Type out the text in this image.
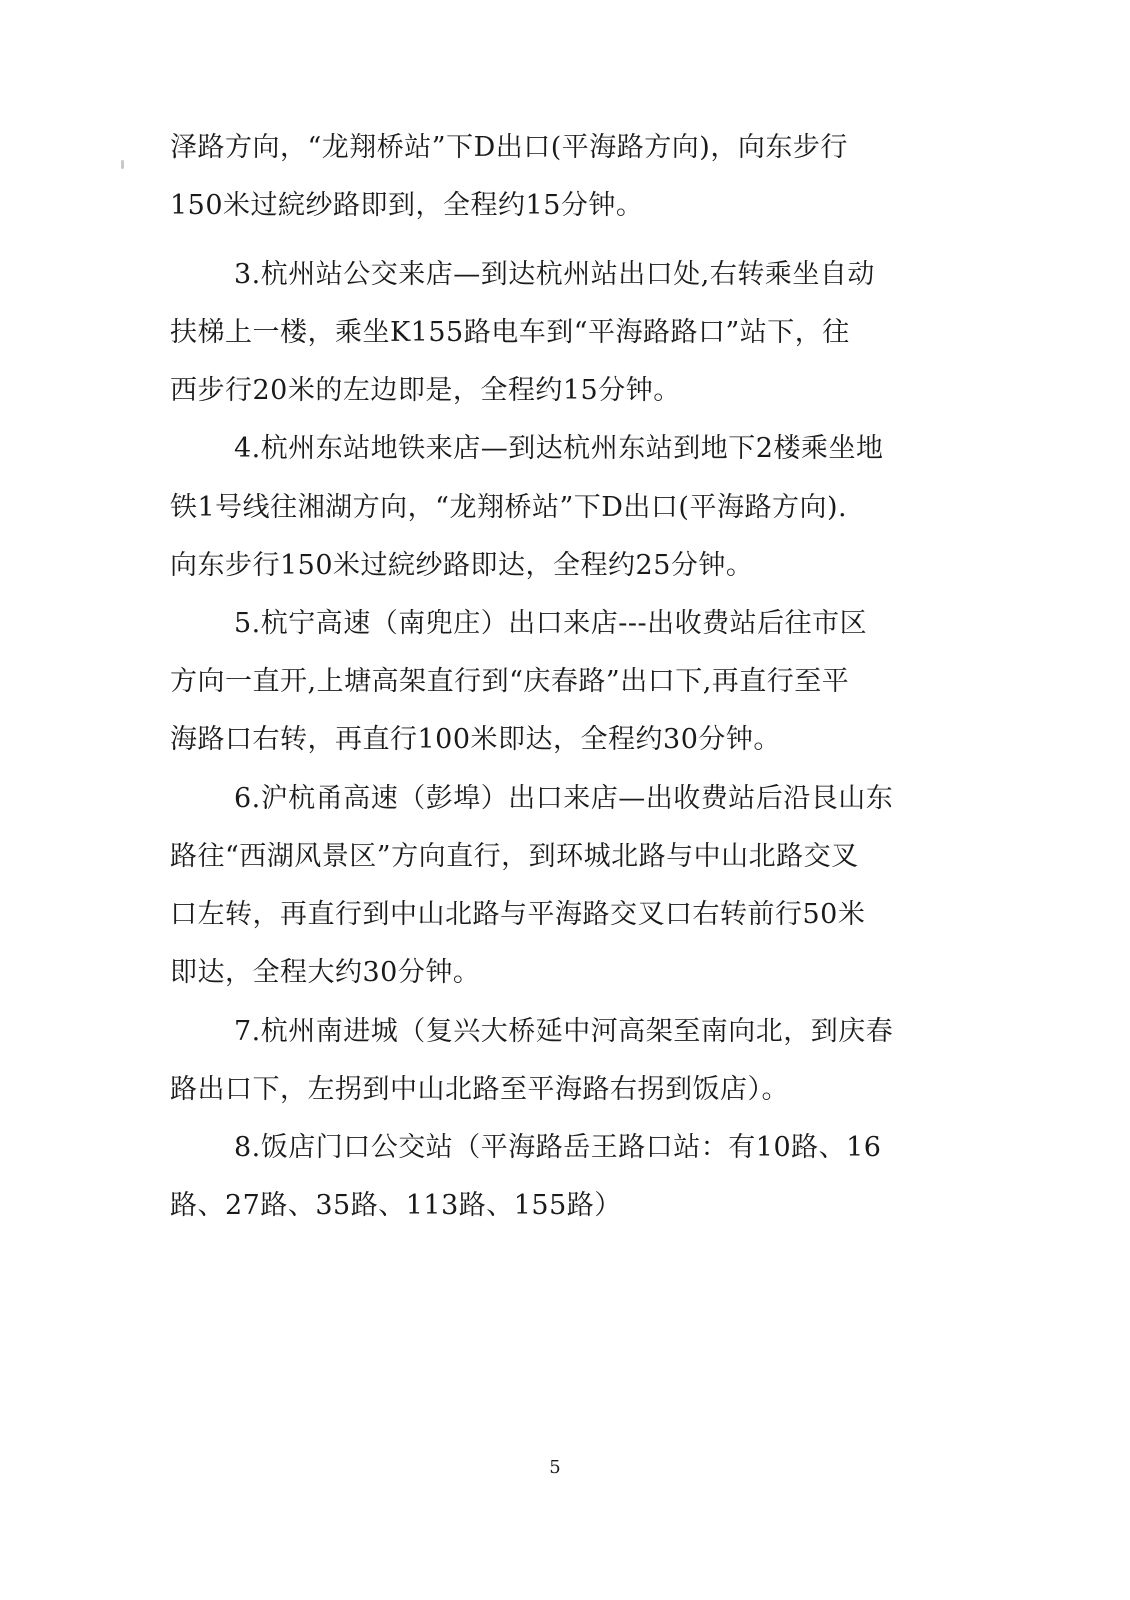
泽路方向，“龙翔桥站”下D出口(平海路方向)，向东步行
150米过綄纱路即到，全程约15分钟。
3.杭州站公交来店—到达杭州站出口处,右转乘坐自动
扶梯上一楼，乘坐K155路电车到“平海路路口”站下，往
西步行20米的左边即是，全程约15分钟。
4.杭州东站地铁来店—到达杭州东站到地下2楼乘坐地
铁1号线往湘湖方向，“龙翔桥站”下D出口(平海路方向).
向东步行150米过綄纱路即达，全程约25分钟。
5.杭宁高速（南兜庄）出口来店---出收费站后往市区
方向一直开,上塘高架直行到“庆春路”出口下,再直行至平
海路口右转，再直行100米即达，全程约30分钟。
6.沪杭甬高速（彭埠）出口来店—出收费站后沿艮山东
路往“西湖风景区”方向直行，到环城北路与中山北路交叉
口左转，再直行到中山北路与平海路交叉口右转前行50米
即达，全程大约30分钟。
7.杭州南进城（复兴大桥延中河高架至南向北，到庆春
路出口下，左拐到中山北路至平海路右拐到饭店）。
8.饭店门口公交站（平海路岳王路口站：有10路、16
路、27路、35路、113路、155路）
5
